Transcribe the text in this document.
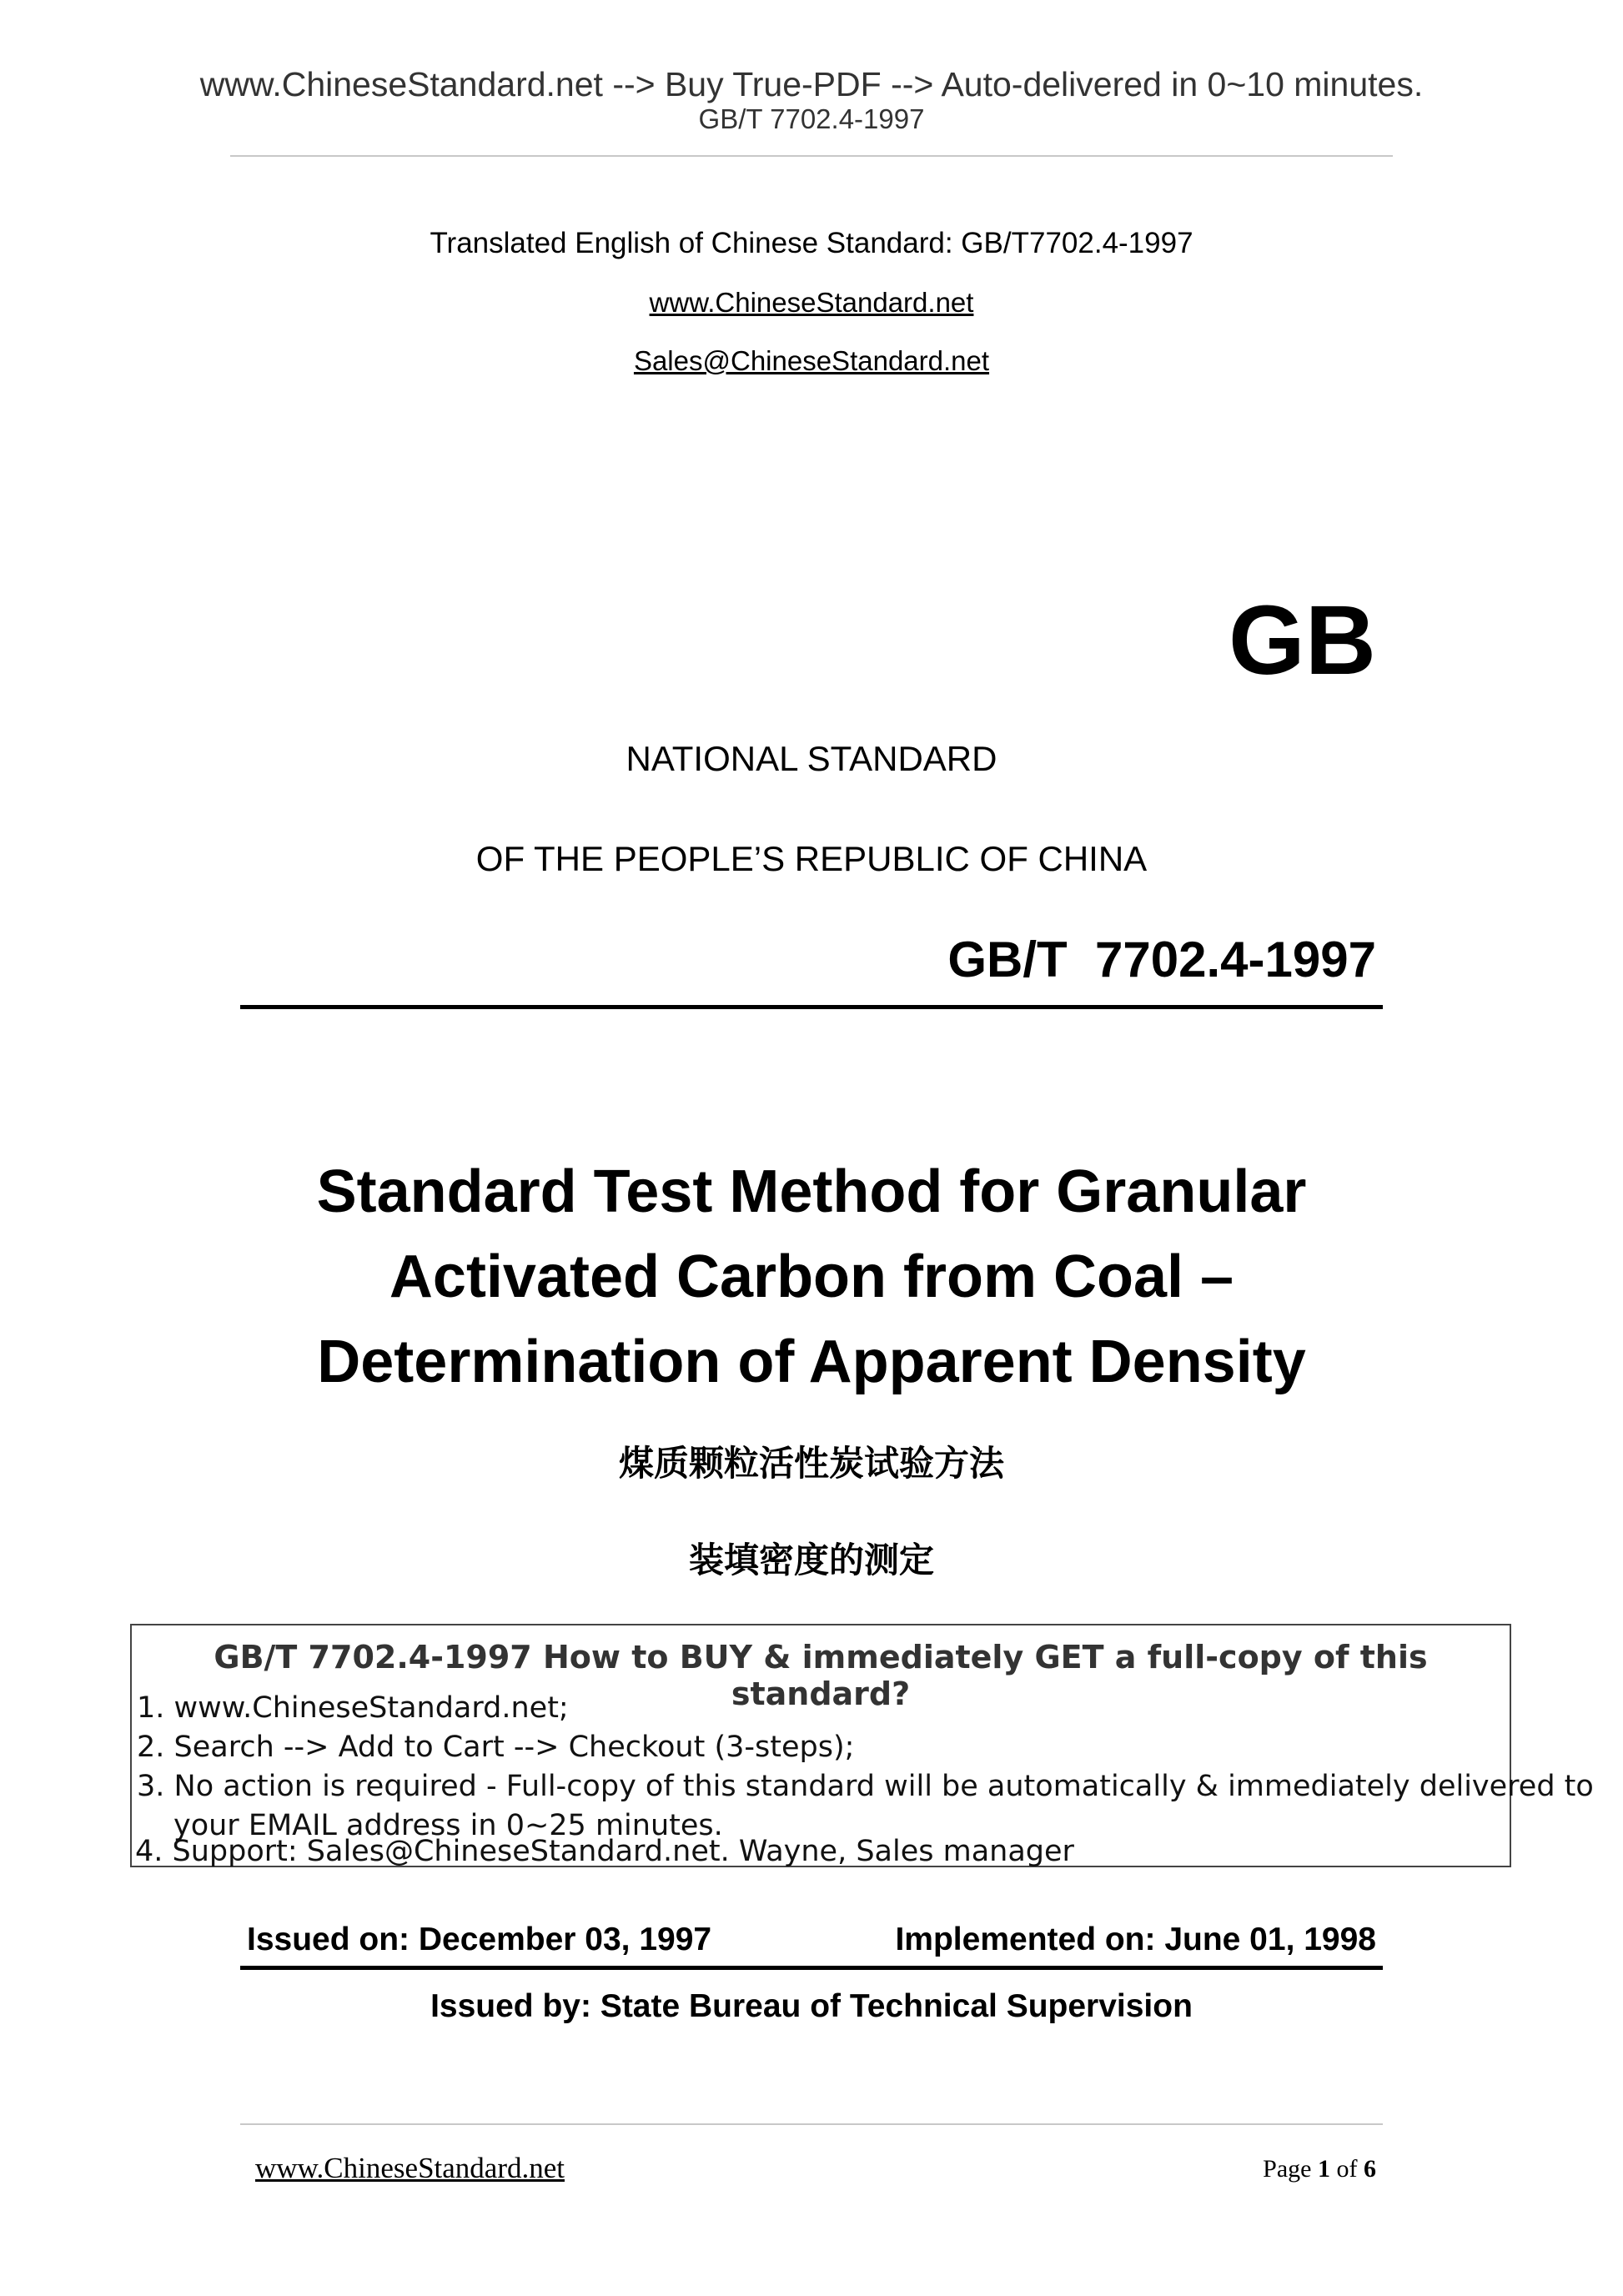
www.ChineseStandard.net --> Buy True-PDF --> Auto-delivered in 0~10 minutes.
GB/T 7702.4-1997
Translated English of Chinese Standard: GB/T7702.4-1997
www.ChineseStandard.net
Sales@ChineseStandard.net
GB
NATIONAL STANDARD
OF THE PEOPLE’S REPUBLIC OF CHINA
GB/T  7702.4-1997
Standard Test Method for Granular
Activated Carbon from Coal –
Determination of Apparent Density
煤质颗粒活性炭试验方法
装填密度的测定
GB/T 7702.4-1997 How to BUY & immediately GET a full-copy of this standard?
1. www.ChineseStandard.net;
2. Search --> Add to Cart --> Checkout (3-steps);
3. No action is required - Full-copy of this standard will be automatically & immediately delivered to
your EMAIL address in 0~25 minutes.
4. Support: Sales@ChineseStandard.net. Wayne, Sales manager
Issued on: December 03, 1997	Implemented on: June 01, 1998
Issued by: State Bureau of Technical Supervision
www.ChineseStandard.net	Page 1 of 6
